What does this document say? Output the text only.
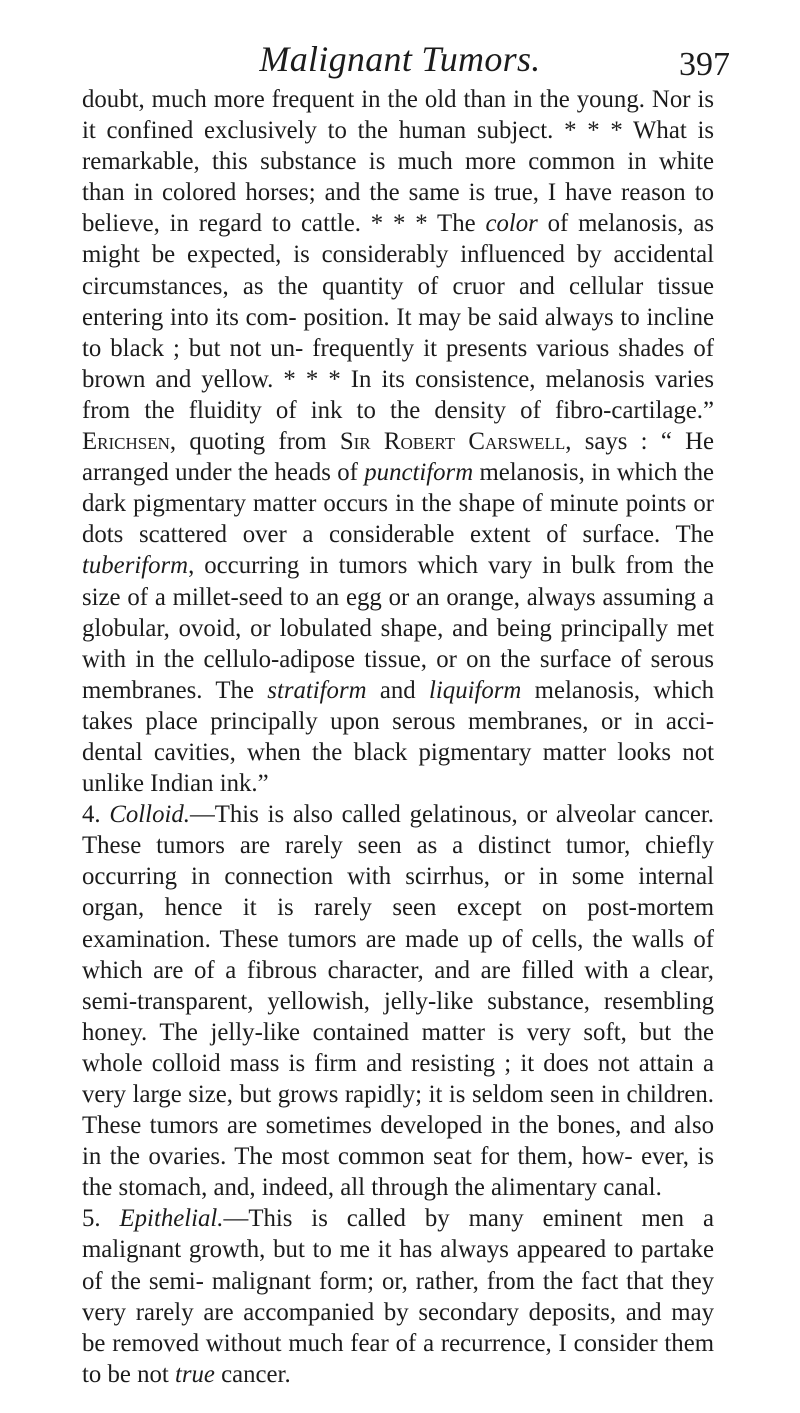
Malignant Tumors.	397

doubt, much more frequent in the old than in the young. Nor is it confined exclusively to the human subject. * * * What is remarkable, this substance is much more common in white than in colored horses; and the same is true, I have reason to believe, in regard to cattle. * * * The color of melanosis, as might be expected, is considerably influenced by accidental circumstances, as the quantity of cruor and cellular tissue entering into its com- position. It may be said always to incline to black ; but not un- frequently it presents various shades of brown and yellow. * * * In its consistence, melanosis varies from the fluidity of ink to the density of fibro-cartilage.” Erichsen, quoting from Sir Robert Carswell, says : “ He arranged under the heads of punctiform melanosis, in which the dark pigmentary matter occurs in the shape of minute points or dots scattered over a considerable extent of surface. The tuberiform, occurring in tumors which vary in bulk from the size of a millet-seed to an egg or an orange, always assuming a globular, ovoid, or lobulated shape, and being principally met with in the cellulo-adipose tissue, or on the surface of serous membranes. The stratiform and liquiform melanosis, which takes place principally upon serous membranes, or in acci- dental cavities, when the black pigmentary matter looks not unlike Indian ink.”

4. Colloid.—This is also called gelatinous, or alveolar cancer. These tumors are rarely seen as a distinct tumor, chiefly occurring in connection with scirrhus, or in some internal organ, hence it is rarely seen except on post-mortem examination. These tumors are made up of cells, the walls of which are of a fibrous character, and are filled with a clear, semi-transparent, yellowish, jelly-like substance, resembling honey. The jelly-like contained matter is very soft, but the whole colloid mass is firm and resisting ; it does not attain a very large size, but grows rapidly; it is seldom seen in children. These tumors are sometimes developed in the bones, and also in the ovaries. The most common seat for them, how- ever, is the stomach, and, indeed, all through the alimentary canal.

5. Epithelial.—This is called by many eminent men a malignant growth, but to me it has always appeared to partake of the semi- malignant form; or, rather, from the fact that they very rarely are accompanied by secondary deposits, and may be removed without much fear of a recurrence, I consider them to be not true cancer.
